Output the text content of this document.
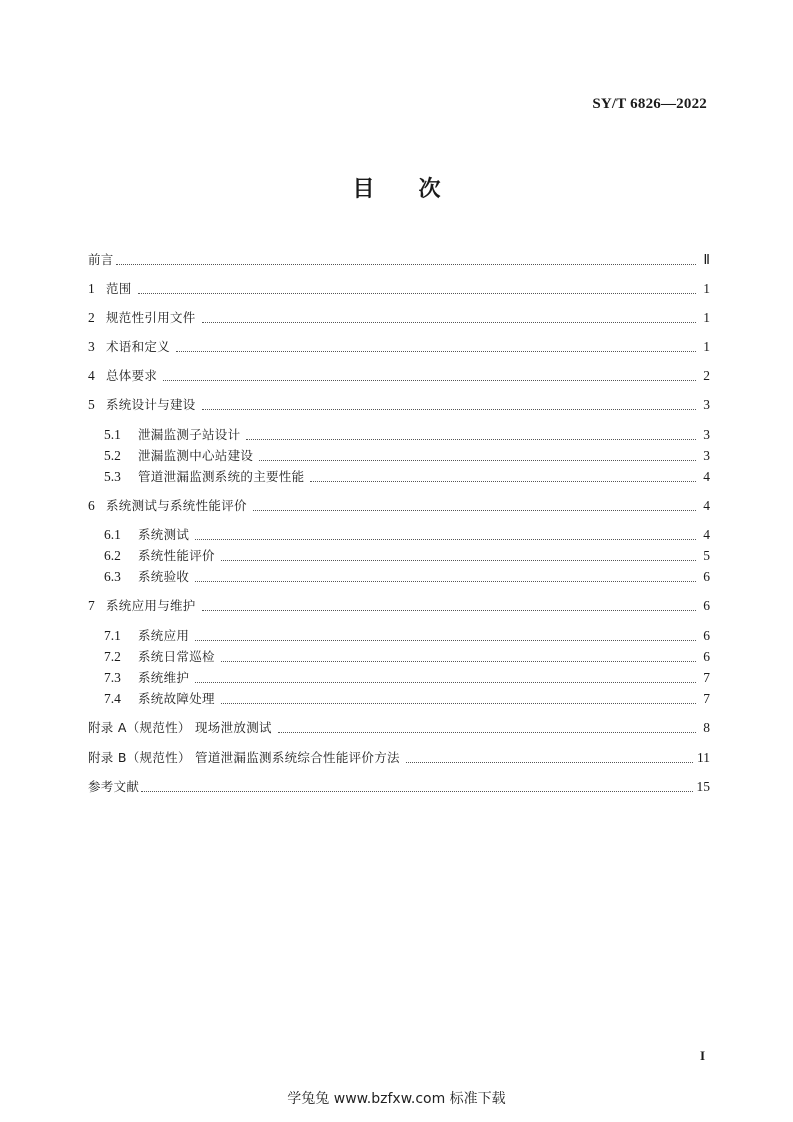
SY/T 6826—2022
目 次
前言	Ⅱ
1 范围	1
2 规范性引用文件	1
3 术语和定义	1
4 总体要求	2
5 系统设计与建设	3
5.1	泄漏监测子站设计	3
5.2	泄漏监测中心站建设	3
5.3	管道泄漏监测系统的主要性能	4
6 系统测试与系统性能评价	4
6.1	系统测试	4
6.2	系统性能评价	5
6.3	系统验收	6
7 系统应用与维护	6
7.1	系统应用	6
7.2	系统日常巡检	6
7.3	系统维护	7
7.4	系统故障处理	7
附录 A（规范性） 现场泄放测试	8
附录 B（规范性） 管道泄漏监测系统综合性能评价方法	11
参考文献	15
I
学兔兔 www.bzfxw.com 标准下载
